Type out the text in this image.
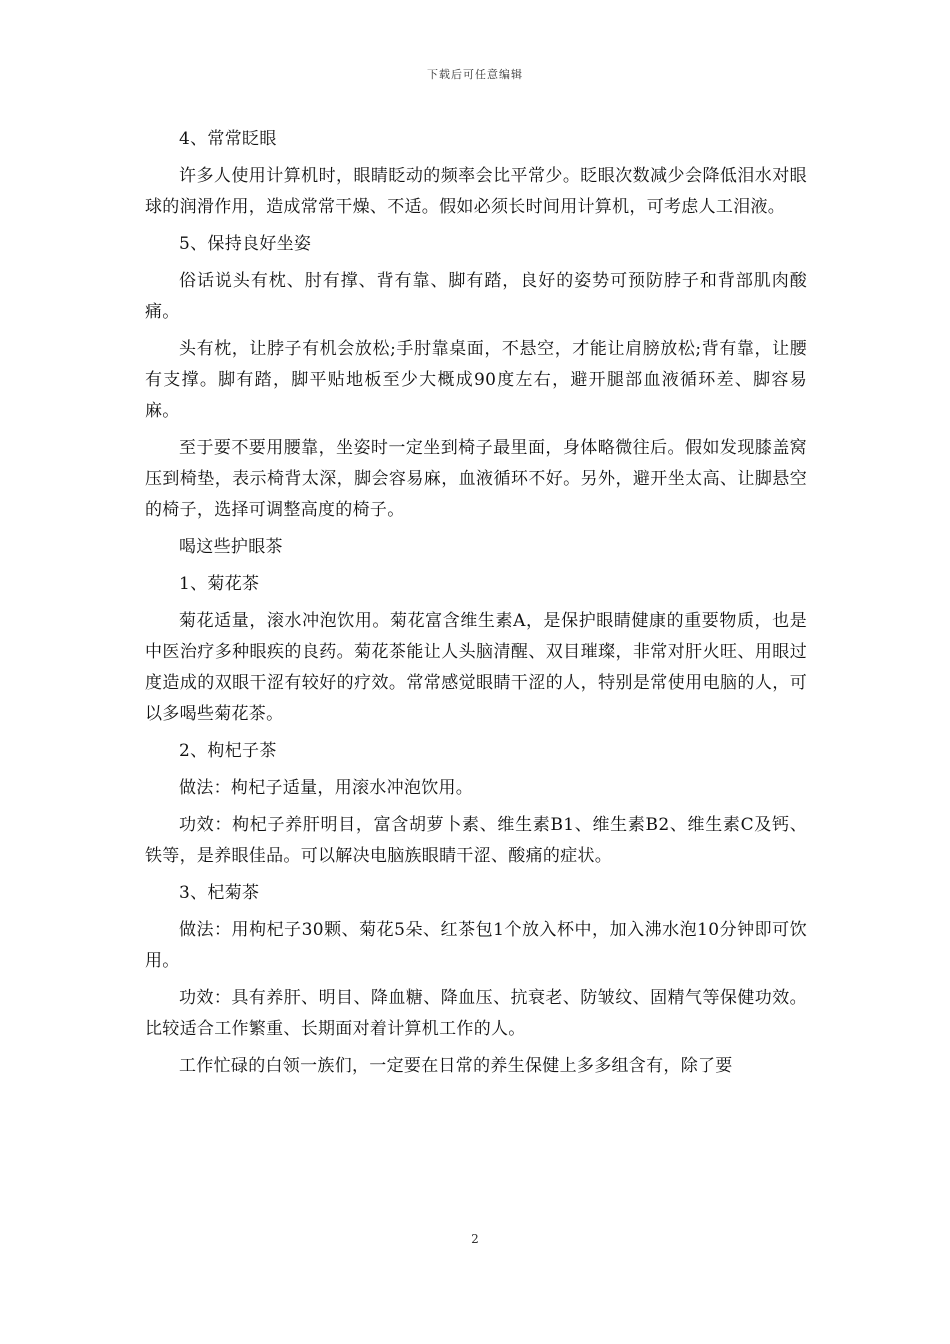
下载后可任意编辑

4、常常眨眼

许多人使用计算机时，眼睛眨动的频率会比平常少。眨眼次数减少会降低泪水对眼球的润滑作用，造成常常干燥、不适。假如必须长时间用计算机，可考虑人工泪液。

5、保持良好坐姿

俗话说头有枕、肘有撑、背有靠、脚有踏，良好的姿势可预防脖子和背部肌肉酸痛。

头有枕，让脖子有机会放松;手肘靠桌面，不悬空，才能让肩膀放松;背有靠，让腰有支撑。脚有踏，脚平贴地板至少大概成90度左右，避开腿部血液循环差、脚容易麻。

至于要不要用腰靠，坐姿时一定坐到椅子最里面，身体略微往后。假如发现膝盖窝压到椅垫，表示椅背太深，脚会容易麻，血液循环不好。另外，避开坐太高、让脚悬空的椅子，选择可调整高度的椅子。

喝这些护眼茶

1、菊花茶

菊花适量，滚水冲泡饮用。菊花富含维生素A，是保护眼睛健康的重要物质，也是中医治疗多种眼疾的良药。菊花茶能让人头脑清醒、双目璀璨，非常对肝火旺、用眼过度造成的双眼干涩有较好的疗效。常常感觉眼睛干涩的人，特别是常使用电脑的人，可以多喝些菊花茶。

2、枸杞子茶

做法：枸杞子适量，用滚水冲泡饮用。

功效：枸杞子养肝明目，富含胡萝卜素、维生素B1、维生素B2、维生素C及钙、铁等，是养眼佳品。可以解决电脑族眼睛干涩、酸痛的症状。

3、杞菊茶

做法：用枸杞子30颗、菊花5朵、红茶包1个放入杯中，加入沸水泡10分钟即可饮用。

功效：具有养肝、明目、降血糖、降血压、抗衰老、防皱纹、固精气等保健功效。比较适合工作繁重、长期面对着计算机工作的人。

工作忙碌的白领一族们，一定要在日常的养生保健上多多组含有，除了要

2
